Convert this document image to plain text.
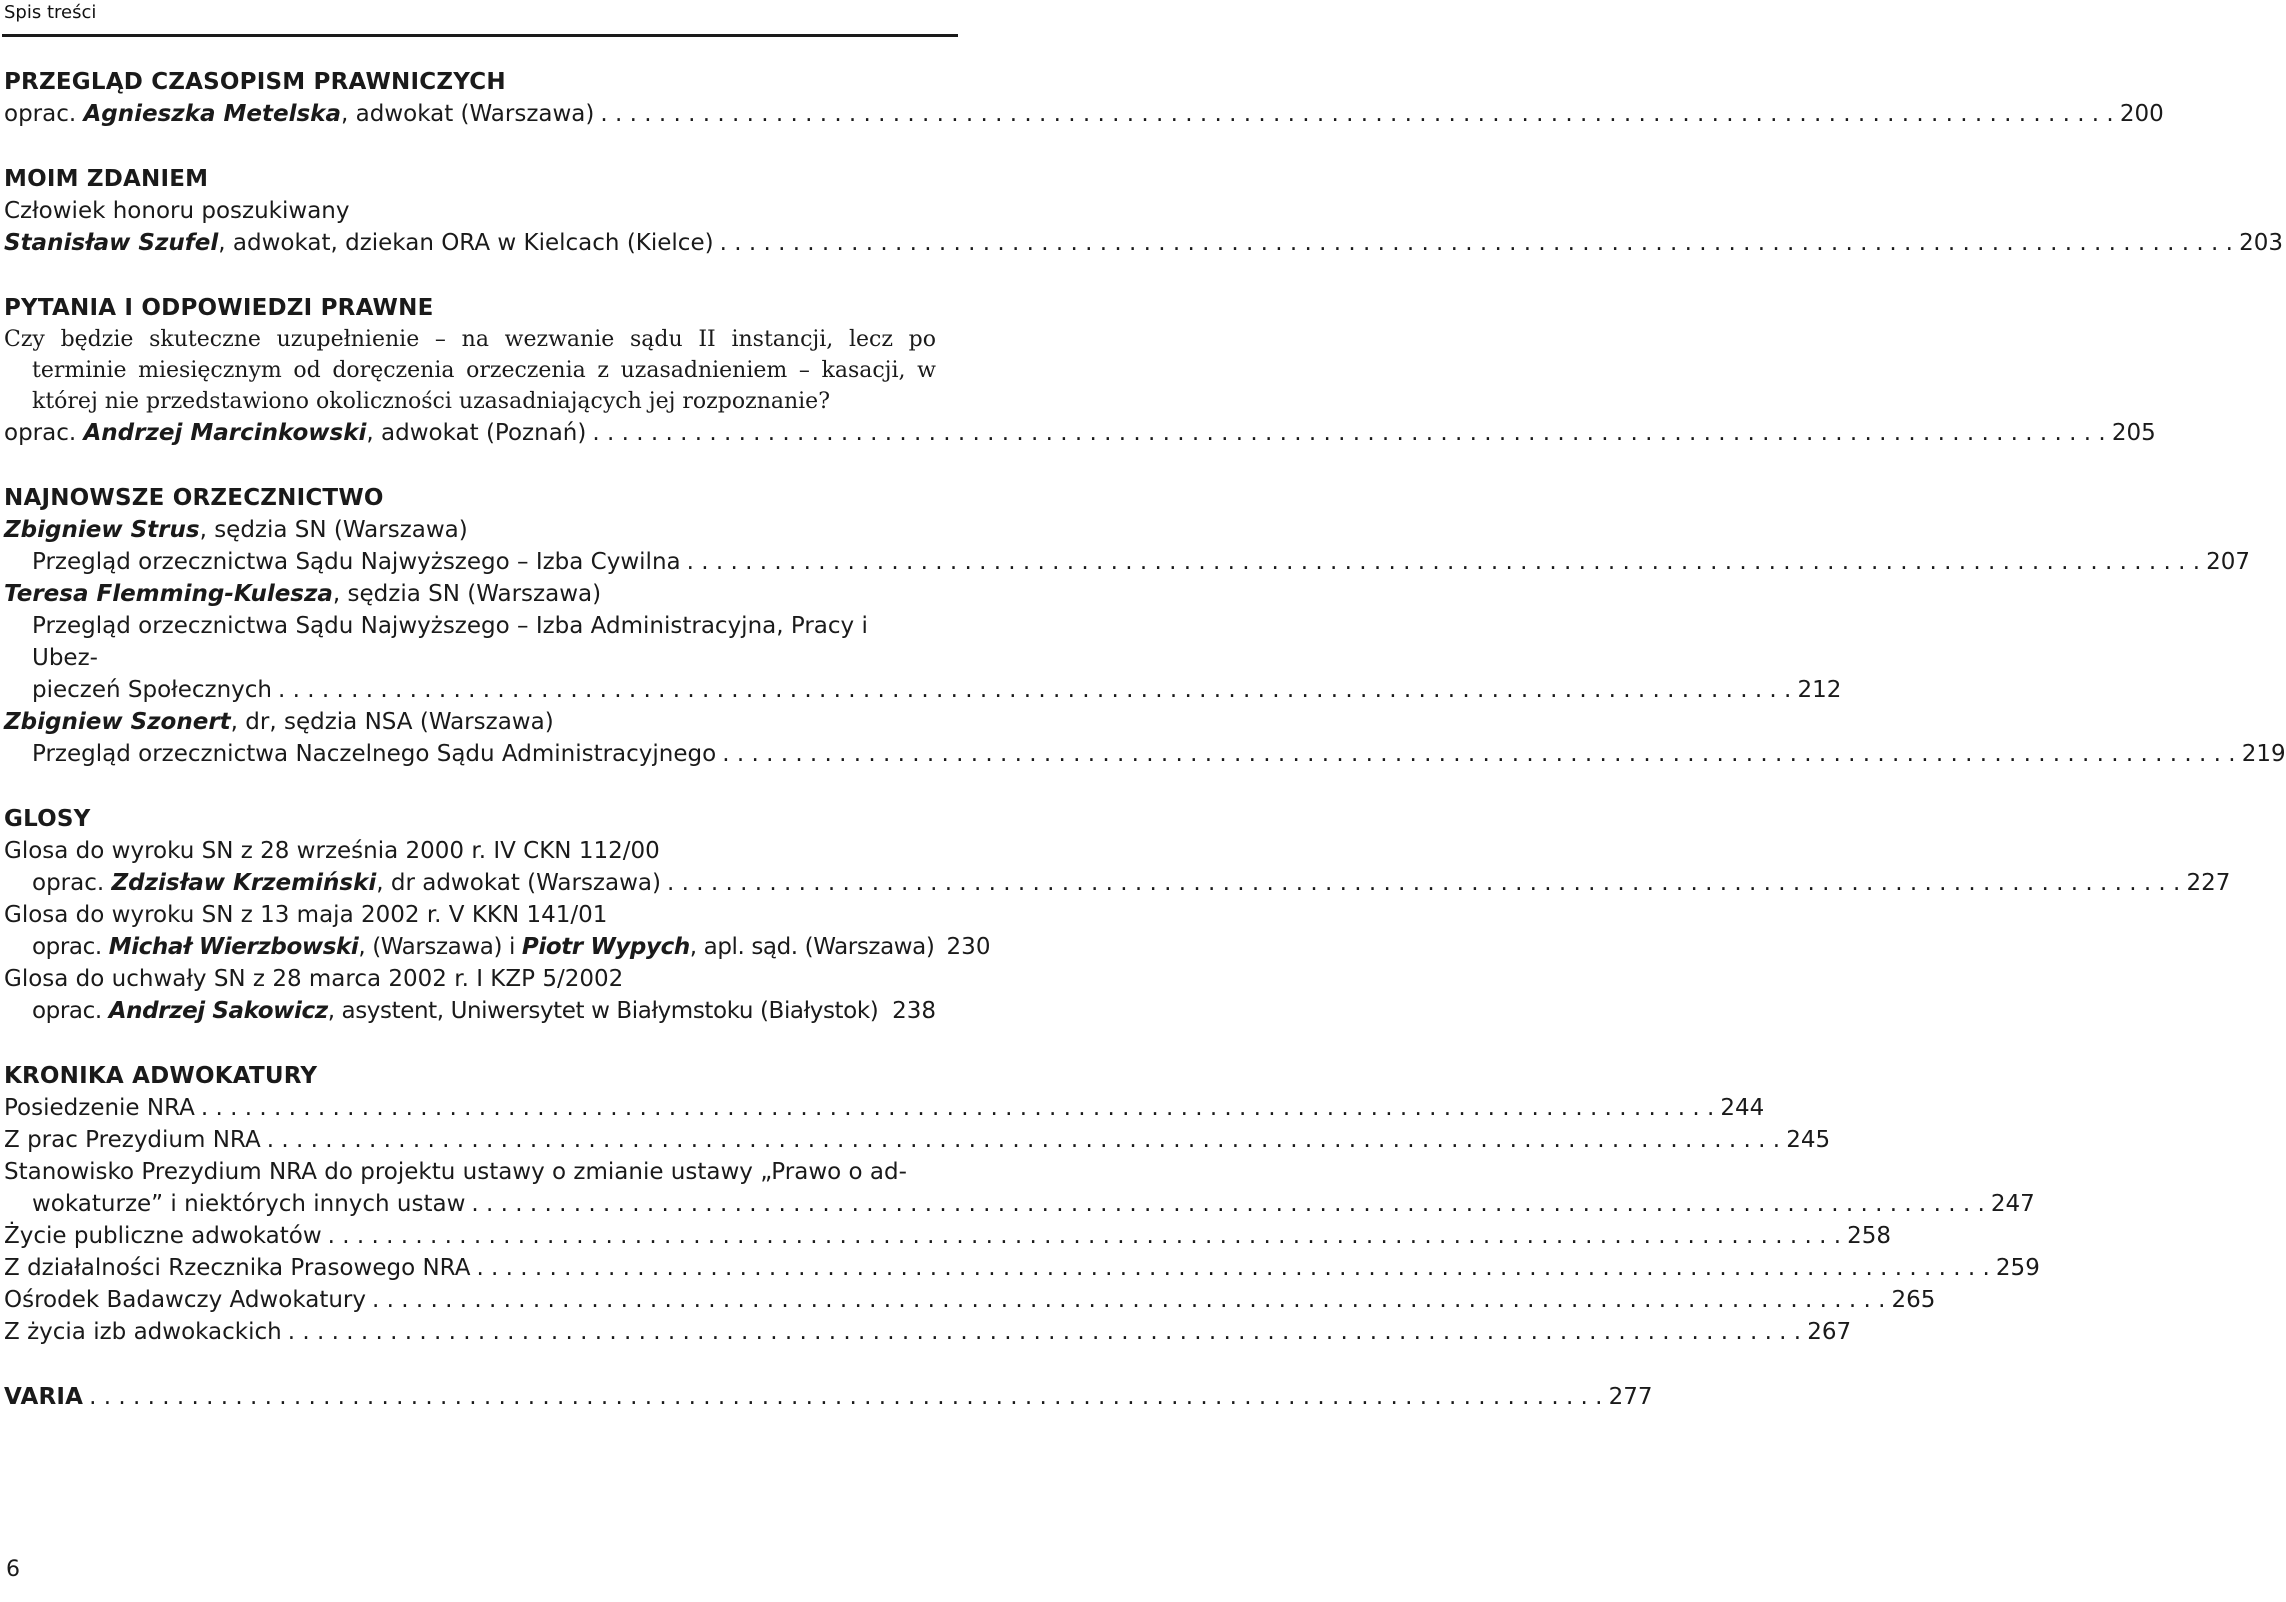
Spis treści
PRZEGLĄD CZASOPISM PRAWNICZYCH
oprac. Agnieszka Metelska, adwokat (Warszawa) . . .	200
MOIM ZDANIEM
Człowiek honoru poszukiwany
Stanisław Szufel, adwokat, dziekan ORA w Kielcach (Kielce) . . .	203
PYTANIA I ODPOWIEDZI PRAWNE
Czy będzie skuteczne uzupełnienie – na wezwanie sądu II instancji, lecz po terminie miesięcznym od doręczenia orzeczenia z uzasadnieniem – kasacji, w której nie przedstawiono okoliczności uzasadniających jej rozpoznanie?
oprac. Andrzej Marcinkowski, adwokat (Poznań) . . .	205
NAJNOWSZE ORZECZNICTWO
Zbigniew Strus, sędzia SN (Warszawa)
Przegląd orzecznictwa Sądu Najwyższego – Izba Cywilna . . .	207
Teresa Flemming-Kulesza, sędzia SN (Warszawa)
Przegląd orzecznictwa Sądu Najwyższego – Izba Administracyjna, Pracy i Ubez-
pieczeń Społecznych . . .	212
Zbigniew Szonert, dr, sędzia NSA (Warszawa)
Przegląd orzecznictwa Naczelnego Sądu Administracyjnego . . .	219
GLOSY
Glosa do wyroku SN z 28 września 2000 r. IV CKN 112/00
oprac. Zdzisław Krzemiński, dr adwokat (Warszawa) . . .	227
Glosa do wyroku SN z 13 maja 2002 r. V KKN 141/01
oprac. Michał Wierzbowski, (Warszawa) i Piotr Wypych, apl. sąd. (Warszawa) 230
Glosa do uchwały SN z 28 marca 2002 r. I KZP 5/2002
oprac. Andrzej Sakowicz, asystent, Uniwersytet w Białymstoku (Białystok) . . . 238
KRONIKA ADWOKATURY
Posiedzenie NRA . . .	244
Z prac Prezydium NRA . . .	245
Stanowisko Prezydium NRA do projektu ustawy o zmianie ustawy „Prawo o ad-
wokaturze” i niektórych innych ustaw . . .	247
Życie publiczne adwokatów . . .	258
Z działalności Rzecznika Prasowego NRA . . .	259
Ośrodek Badawczy Adwokatury . . .	265
Z życia izb adwokackich . . .	267
VARIA . . .	277
6
